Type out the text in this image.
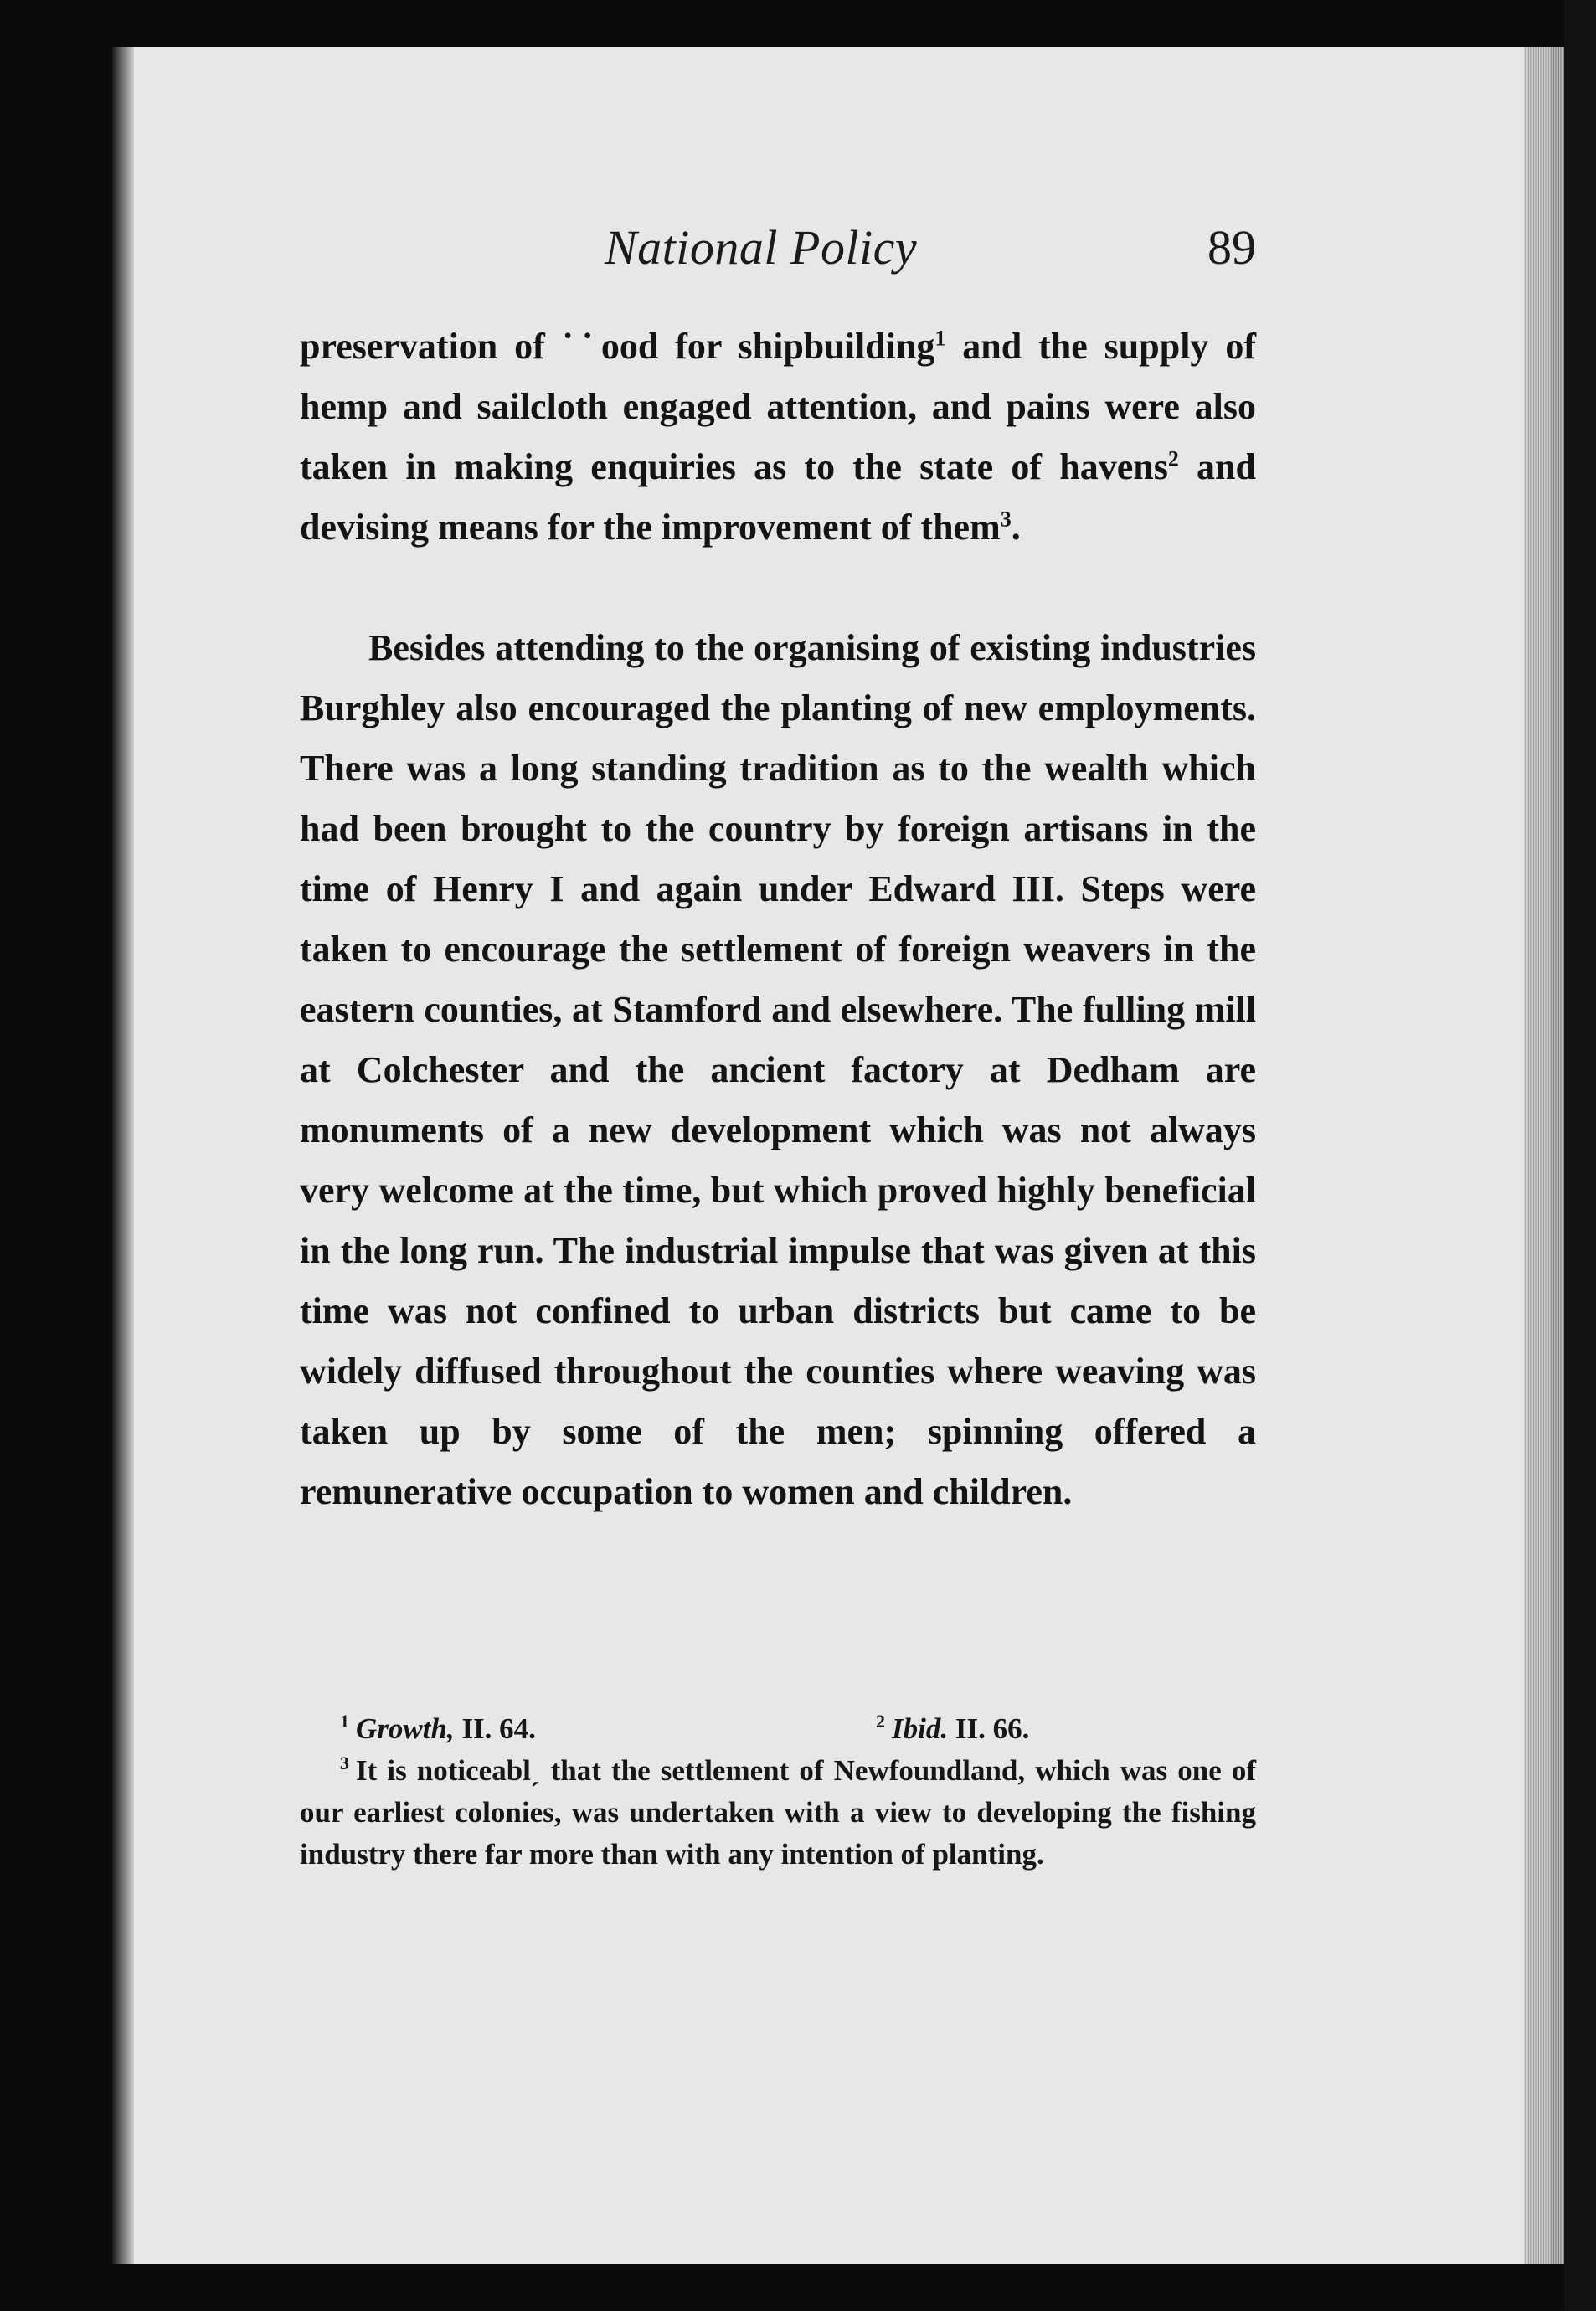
National Policy	89

preservation of ˙˙ood for shipbuilding$^1$ and the supply of hemp and sailcloth engaged attention, and pains were also taken in making enquiries as to the state of havens$^2$ and devising means for the improvement of them$^3$.

Besides attending to the organising of existing industries Burghley also encouraged the planting of new employments. There was a long standing tradition as to the wealth which had been brought to the country by foreign artisans in the time of Henry I and again under Edward III. Steps were taken to encourage the settlement of foreign weavers in the eastern counties, at Stamford and elsewhere. The fulling mill at Colchester and the ancient factory at Dedham are monuments of a new development which was not always very welcome at the time, but which proved highly beneficial in the long run. The industrial impulse that was given at this time was not confined to urban districts but came to be widely diffused throughout the counties where weaving was taken up by some of the men; spinning offered a remunerative occupation to women and children.

$^1$ Growth, II. 64.	$^2$ Ibid. II. 66.
$^3$ It is noticeablˏ that the settlement of Newfoundland, which was one of our earliest colonies, was undertaken with a view to developing the fishing industry there far more than with any intention of planting.
